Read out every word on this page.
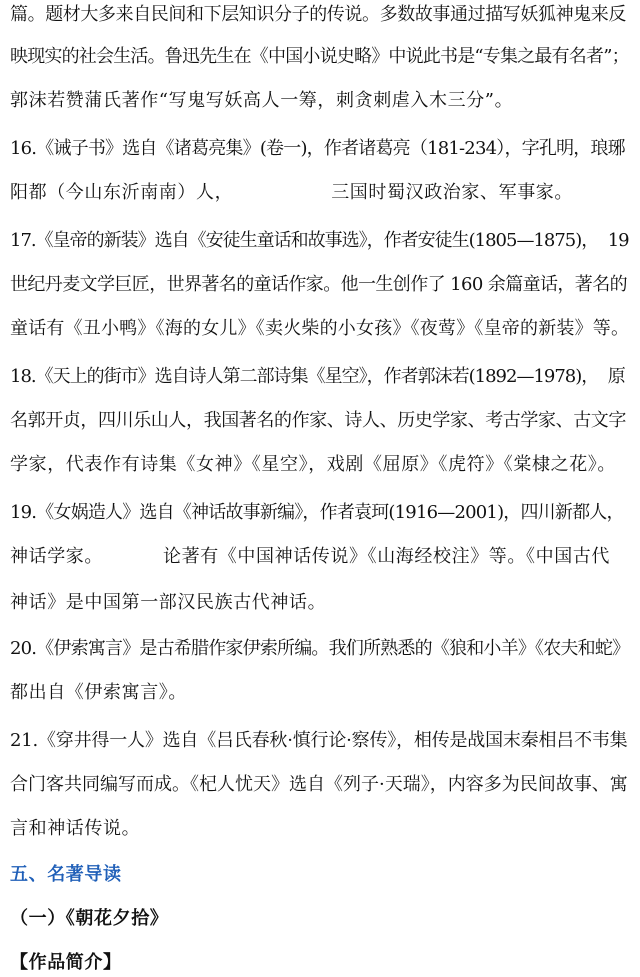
篇。题材大多来自民间和下层知识分子的传说。多数故事通过描写妖狐神鬼来反
映现实的社会生活。鲁迅先生在《中国小说史略》中说此书是“专集之最有名者”；
郭沫若赞蒲氏著作“写鬼写妖高人一筹，刺贪刺虐入木三分”。
16.《诫子书》选自《诸葛亮集》(卷一)，作者诸葛亮（181-234），字孔明，琅琊
阳都（今山东沂南南）人，	三国时蜀汉政治家、军事家。
17.《皇帝的新装》选自《安徒生童话和故事选》，作者安徒生(1805—1875)，  19
世纪丹麦文学巨匠，世界著名的童话作家。他一生创作了 160 余篇童话，著名的
童话有《丑小鸭》《海的女儿》《卖火柴的小女孩》《夜莺》《皇帝的新装》等。
18.《天上的街市》选自诗人第二部诗集《星空》，作者郭沫若(1892—1978)，  原
名郭开贞，四川乐山人，我国著名的作家、诗人、历史学家、考古学家、古文字
学家，代表作有诗集《女神》《星空》，戏剧《屈原》《虎符》《棠棣之花》。
19.《女娲造人》选自《神话故事新编》，作者袁珂(1916—2001)，四川新都人，
神话学家。	论著有《中国神话传说》《山海经校注》等。《中国古代
神话》是中国第一部汉民族古代神话。
20.《伊索寓言》是古希腊作家伊索所编。我们所熟悉的《狼和小羊》《农夫和蛇》
都出自《伊索寓言》。
21.《穿井得一人》选自《吕氏春秋·慎行论·察传》，相传是战国末秦相吕不韦集
合门客共同编写而成。《杞人忧天》选自《列子·天瑞》，内容多为民间故事、寓
言和神话传说。
五、名著导读
（一）《朝花夕拾》
【作品简介】
